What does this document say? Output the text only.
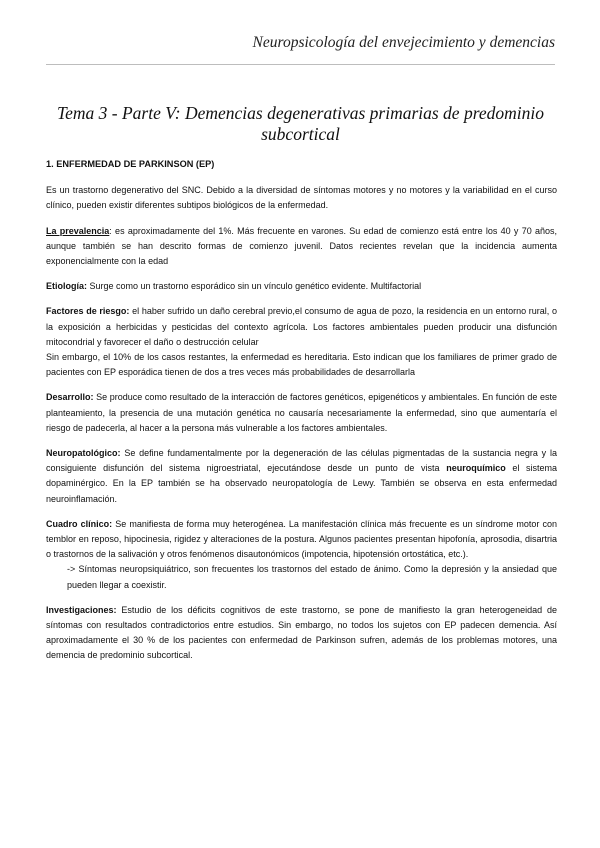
Neuropsicología del envejecimiento y demencias
Tema 3 - Parte V: Demencias degenerativas primarias de predominio subcortical
1. ENFERMEDAD DE PARKINSON (EP)

Es un trastorno degenerativo del SNC. Debido a la diversidad de síntomas motores y no motores y la variabilidad en el curso clínico, pueden existir diferentes subtipos biológicos de la enfermedad.

La prevalencia: es aproximadamente del 1%. Más frecuente en varones. Su edad de comienzo está entre los 40 y 70 años, aunque también se han descrito formas de comienzo juvenil. Datos recientes revelan que la incidencia aumenta exponencialmente con la edad

Etiología: Surge como un trastorno esporádico sin un vínculo genético evidente. Multifactorial

Factores de riesgo: el haber sufrido un daño cerebral previo,el consumo de agua de pozo, la residencia en un entorno rural, o la exposición a herbicidas y pesticidas del contexto agrícola. Los factores ambientales pueden producir una disfunción mitocondrial y favorecer el daño o destrucción celular

Sin embargo, el 10% de los casos restantes, la enfermedad es hereditaria. Esto indican que los familiares de primer grado de pacientes con EP esporádica tienen de dos a tres veces más probabilidades de desarrollarla

Desarrollo: Se produce como resultado de la interacción de factores genéticos, epigenéticos y ambientales. En función de este planteamiento, la presencia de una mutación genética no causaría necesariamente la enfermedad, sino que aumentaría el riesgo de padecerla, al hacer a la persona más vulnerable a los factores ambientales.

Neuropatológico: Se define fundamentalmente por la degeneración de las células pigmentadas de la sustancia negra y la consiguiente disfunción del sistema nigroestriatal, ejecutándose desde un punto de vista neuroquímico el sistema dopaminérgico. En la EP también se ha observado neuropatología de Lewy. También se observa en esta enfermedad neuroinflamación.

Cuadro clínico: Se manifiesta de forma muy heterogénea. La manifestación clínica más frecuente es un síndrome motor con temblor en reposo, hipocinesia, rigidez y alteraciones de la postura. Algunos pacientes presentan hipofonía, aprosodia, disartria o trastornos de la salivación y otros fenómenos disautonómicos (impotencia, hipotensión ortostática, etc.).

-> Síntomas neuropsiquiátrico, son frecuentes los trastornos del estado de ánimo. Como la depresión y la ansiedad que pueden llegar a coexistir.

Investigaciones: Estudio de los déficits cognitivos de este trastorno, se pone de manifiesto la gran heterogeneidad de síntomas con resultados contradictorios entre estudios. Sin embargo, no todos los sujetos con EP padecen demencia. Así aproximadamente el 30 % de los pacientes con enfermedad de Parkinson sufren, además de los problemas motores, una demencia de predominio subcortical.
